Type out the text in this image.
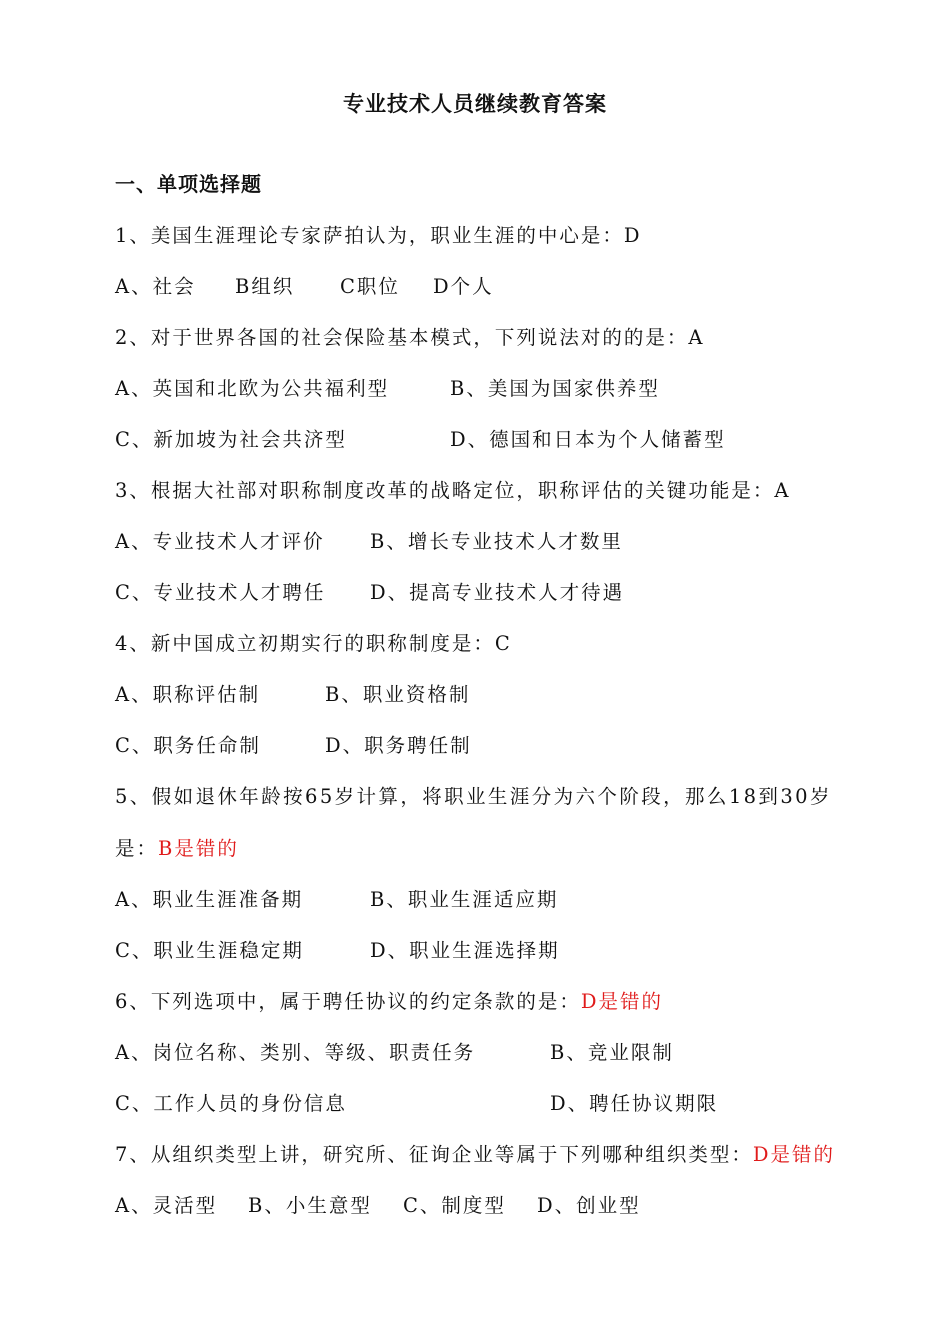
专业技术人员继续教育答案
一、单项选择题
1、美国生涯理论专家萨拍认为，职业生涯的中心是：D
A、社会 B组织 C职位 D个人
2、对于世界各国的社会保险基本模式，下列说法对的的是：A
A、英国和北欧为公共福利型	B、美国为国家供养型
C、新加坡为社会共济型	D、德国和日本为个人储蓄型
3、根据大社部对职称制度改革的战略定位，职称评估的关键功能是：A
A、专业技术人才评价 B、增长专业技术人才数里
C、专业技术人才聘任 D、提高专业技术人才待遇
4、新中国成立初期实行的职称制度是：C
A、职称评估制	B、职业资格制
C、职务任命制	D、职务聘任制
5、假如退休年龄按65岁计算，将职业生涯分为六个阶段，那么18到30岁
是：B是错的
A、职业生涯准备期	B、职业生涯适应期
C、职业生涯稳定期	D、职业生涯选择期
6、下列选项中，属于聘任协议的约定条款的是：D是错的
A、岗位名称、类别、等级、职责任务	B、竞业限制
C、工作人员的身份信息	D、聘任协议期限
7、从组织类型上讲，研究所、征询企业等属于下列哪种组织类型：D是错的
A、灵活型 B、小生意型 C、制度型 D、创业型
